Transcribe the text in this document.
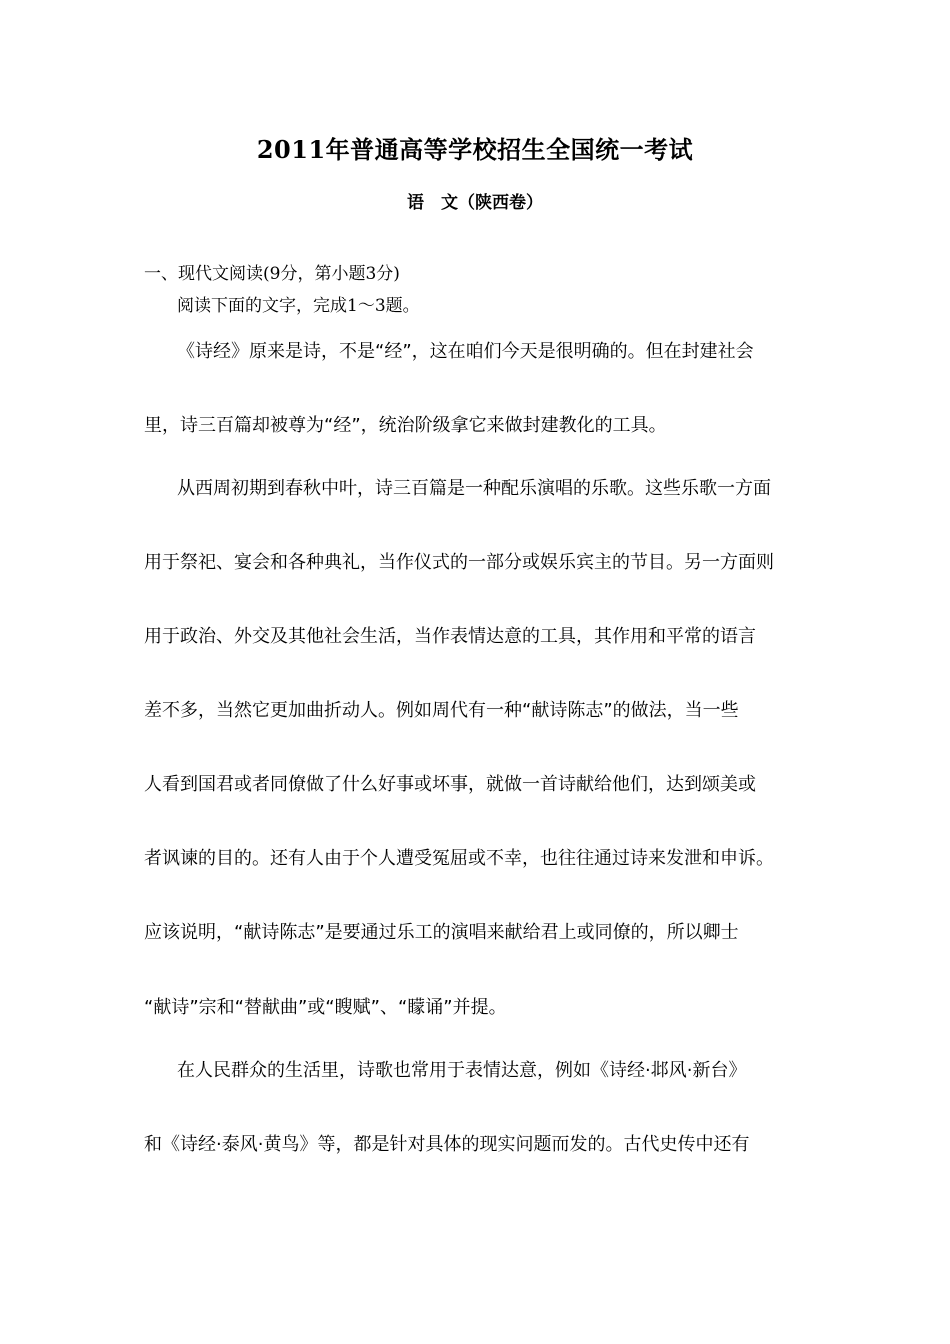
2011年普通高等学校招生全国统一考试
语　文（陕西卷）
一、现代文阅读(9分，第小题3分)
阅读下面的文字，完成1～3题。
《诗经》原来是诗，不是“经”，这在咱们今天是很明确的。但在封建社会
里，诗三百篇却被尊为“经”，统治阶级拿它来做封建教化的工具。
从西周初期到春秋中叶，诗三百篇是一种配乐演唱的乐歌。这些乐歌一方面
用于祭祀、宴会和各种典礼，当作仪式的一部分或娱乐宾主的节目。另一方面则
用于政治、外交及其他社会生活，当作表情达意的工具，其作用和平常的语言
差不多，当然它更加曲折动人。例如周代有一种“献诗陈志”的做法，当一些
人看到国君或者同僚做了什么好事或坏事，就做一首诗献给他们，达到颂美或
者讽谏的目的。还有人由于个人遭受冤屈或不幸，也往往通过诗来发泄和申诉。
应该说明，“献诗陈志”是要通过乐工的演唱来献给君上或同僚的，所以卿士
“献诗”宗和“替献曲”或“瞍赋”、“矇诵”并提。
在人民群众的生活里，诗歌也常用于表情达意，例如《诗经·邶风·新台》
和《诗经·泰风·黄鸟》等，都是针对具体的现实问题而发的。古代史传中还有
